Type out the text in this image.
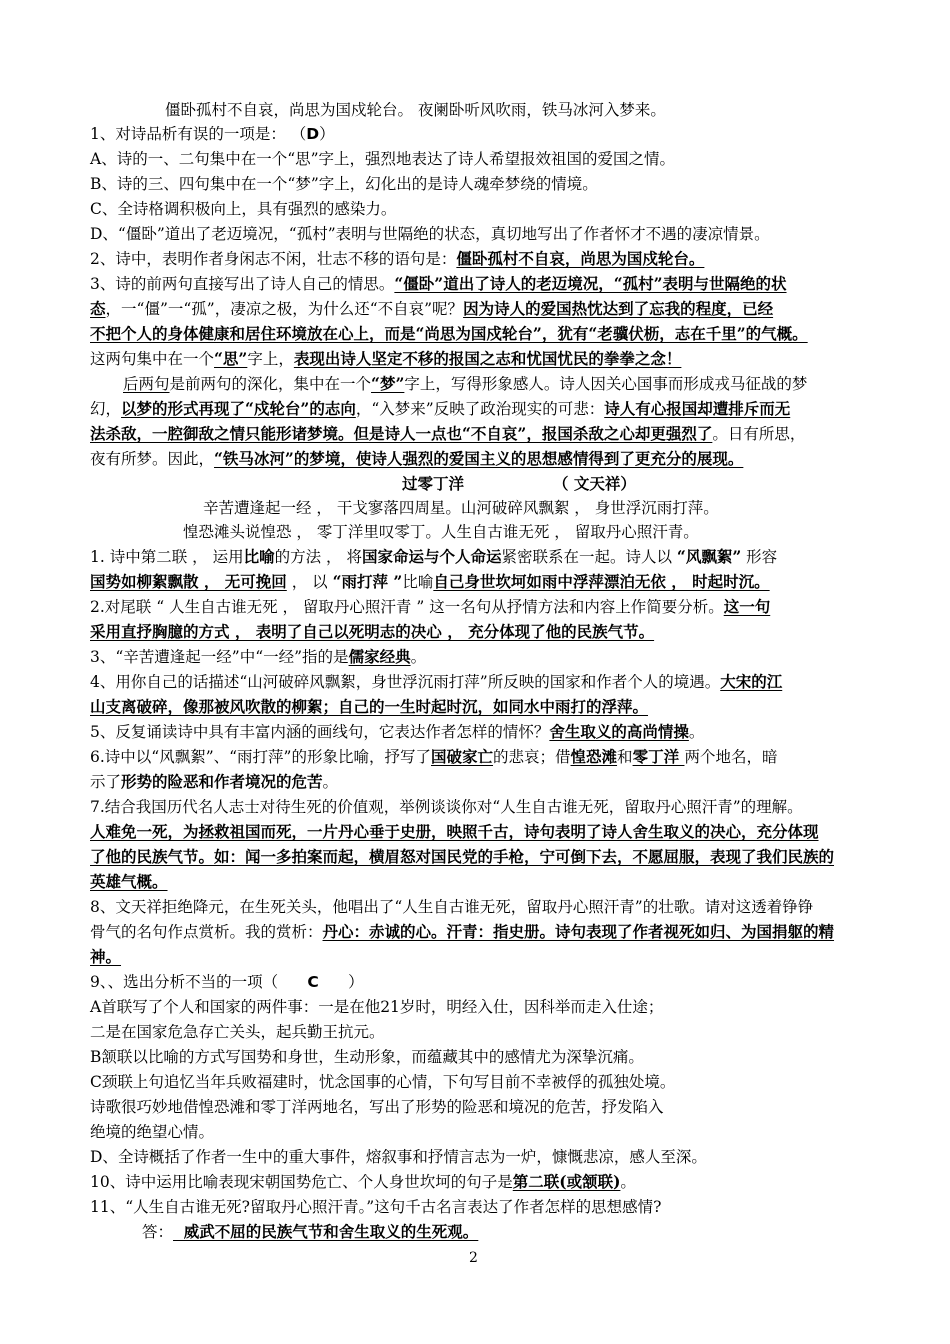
僵卧孤村不自哀，尚思为国戍轮台。 夜阑卧听风吹雨，铁马冰河入梦来。
1、对诗品析有误的一项是： （D）
A、诗的一、二句集中在一个“思”字上，强烈地表达了诗人希望报效祖国的爱国之情。
B、诗的三、四句集中在一个“梦”字上，幻化出的是诗人魂牵梦绕的情境。
C、全诗格调积极向上，具有强烈的感染力。
D、“僵卧”道出了老迈境况，“孤村”表明与世隔绝的状态，真切地写出了作者怀才不遇的凄凉情景。
2、诗中，表明作者身闲志不闲，壮志不移的语句是：僵卧孤村不自哀，尚思为国戍轮台。
3、诗的前两句直接写出了诗人自己的情思。“僵卧”道出了诗人的老迈境况，“孤村”表明与世隔绝的状
态，一“僵”一“孤”，凄凉之极，为什么还“不自哀”呢？因为诗人的爱国热忱达到了忘我的程度，已经
不把个人的身体健康和居住环境放在心上，而是“尚思为国戍轮台”，犹有“老骥伏枥，志在千里”的气概。
这两句集中在一个“思”字上，表现出诗人坚定不移的报国之志和忧国忧民的拳拳之念！
后两句是前两句的深化，集中在一个“梦”字上，写得形象感人。诗人因关心国事而形成戎马征战的梦
幻，以梦的形式再现了“戍轮台”的志向，“入梦来”反映了政治现实的可悲：诗人有心报国却遭排斥而无
法杀敌，一腔御敌之情只能形诸梦境。但是诗人一点也“不自哀”，报国杀敌之心却更强烈了。日有所思，
夜有所梦。因此，“铁马冰河”的梦境，使诗人强烈的爱国主义的思想感情得到了更充分的展现。
过零丁洋	（ 文天祥）
辛苦遭逢起一经 ， 干戈寥落四周星。山河破碎风飘絮 ， 身世浮沉雨打萍。
惶恐滩头说惶恐 ， 零丁洋里叹零丁。人生自古谁无死 ， 留取丹心照汗青。
1. 诗中第二联 ， 运用比喻的方法 ， 将国家命运与个人命运紧密联系在一起。诗人以 “风飘絮” 形容
国势如柳絮飘散 ， 无可挽回 ， 以 “雨打萍 ”比喻自己身世坎坷如雨中浮萍漂泊无依 ， 时起时沉。
2.对尾联 “ 人生自古谁无死 ， 留取丹心照汗青 ” 这一名句从抒情方法和内容上作简要分析。这一句
采用直抒胸臆的方式 ， 表明了自己以死明志的决心 ， 充分体现了他的民族气节。
3、“辛苦遭逢起一经”中“一经”指的是儒家经典。
4、用你自己的话描述“山河破碎风飘絮，身世浮沉雨打萍”所反映的国家和作者个人的境遇。大宋的江
山支离破碎，像那被风吹散的柳絮；自己的一生时起时沉，如同水中雨打的浮萍。
5、反复诵读诗中具有丰富内涵的画线句，它表达作者怎样的情怀？舍生取义的高尚情操。
6.诗中以“风飘絮”、“雨打萍”的形象比喻，抒写了国破家亡的悲哀；借惶恐滩和零丁洋 两个地名，暗
示了形势的险恶和作者境况的危苦。
7.结合我国历代名人志士对待生死的价值观，举例谈谈你对“人生自古谁无死，留取丹心照汗青”的理解。
人难免一死，为拯救祖国而死，一片丹心垂于史册，映照千古，诗句表明了诗人舍生取义的决心，充分体现
了他的民族气节。如：闻一多拍案而起，横眉怒对国民党的手枪，宁可倒下去，不愿屈服，表现了我们民族的
英雄气概。
8、文天祥拒绝降元，在生死关头，他唱出了“人生自古谁无死，留取丹心照汗青”的壮歌。请对这透着铮铮
骨气的名句作点赏析。我的赏析：丹心：赤诚的心。汗青：指史册。诗句表现了作者视死如归、为国捐躯的精
神。
9、、选出分析不当的一项（ C ）
A首联写了个人和国家的两件事：一是在他21岁时，明经入仕，因科举而走入仕途；
二是在国家危急存亡关头，起兵勤王抗元。
B颔联以比喻的方式写国势和身世，生动形象，而蕴藏其中的感情尤为深挚沉痛。
C颈联上句追忆当年兵败福建时，忧念国事的心情，下句写目前不幸被俘的孤独处境。
诗歌很巧妙地借惶恐滩和零丁洋两地名，写出了形势的险恶和境况的危苦，抒发陷入
绝境的绝望心情。
D、全诗概括了作者一生中的重大事件，熔叙事和抒情言志为一炉，慷慨悲凉，感人至深。
10、诗中运用比喻表现宋朝国势危亡、个人身世坎坷的句子是第二联(或颔联)。
11、“人生自古谁无死?留取丹心照汗青。”这句千古名言表达了作者怎样的思想感情?
答：  威武不屈的民族气节和舍生取义的生死观。
2
